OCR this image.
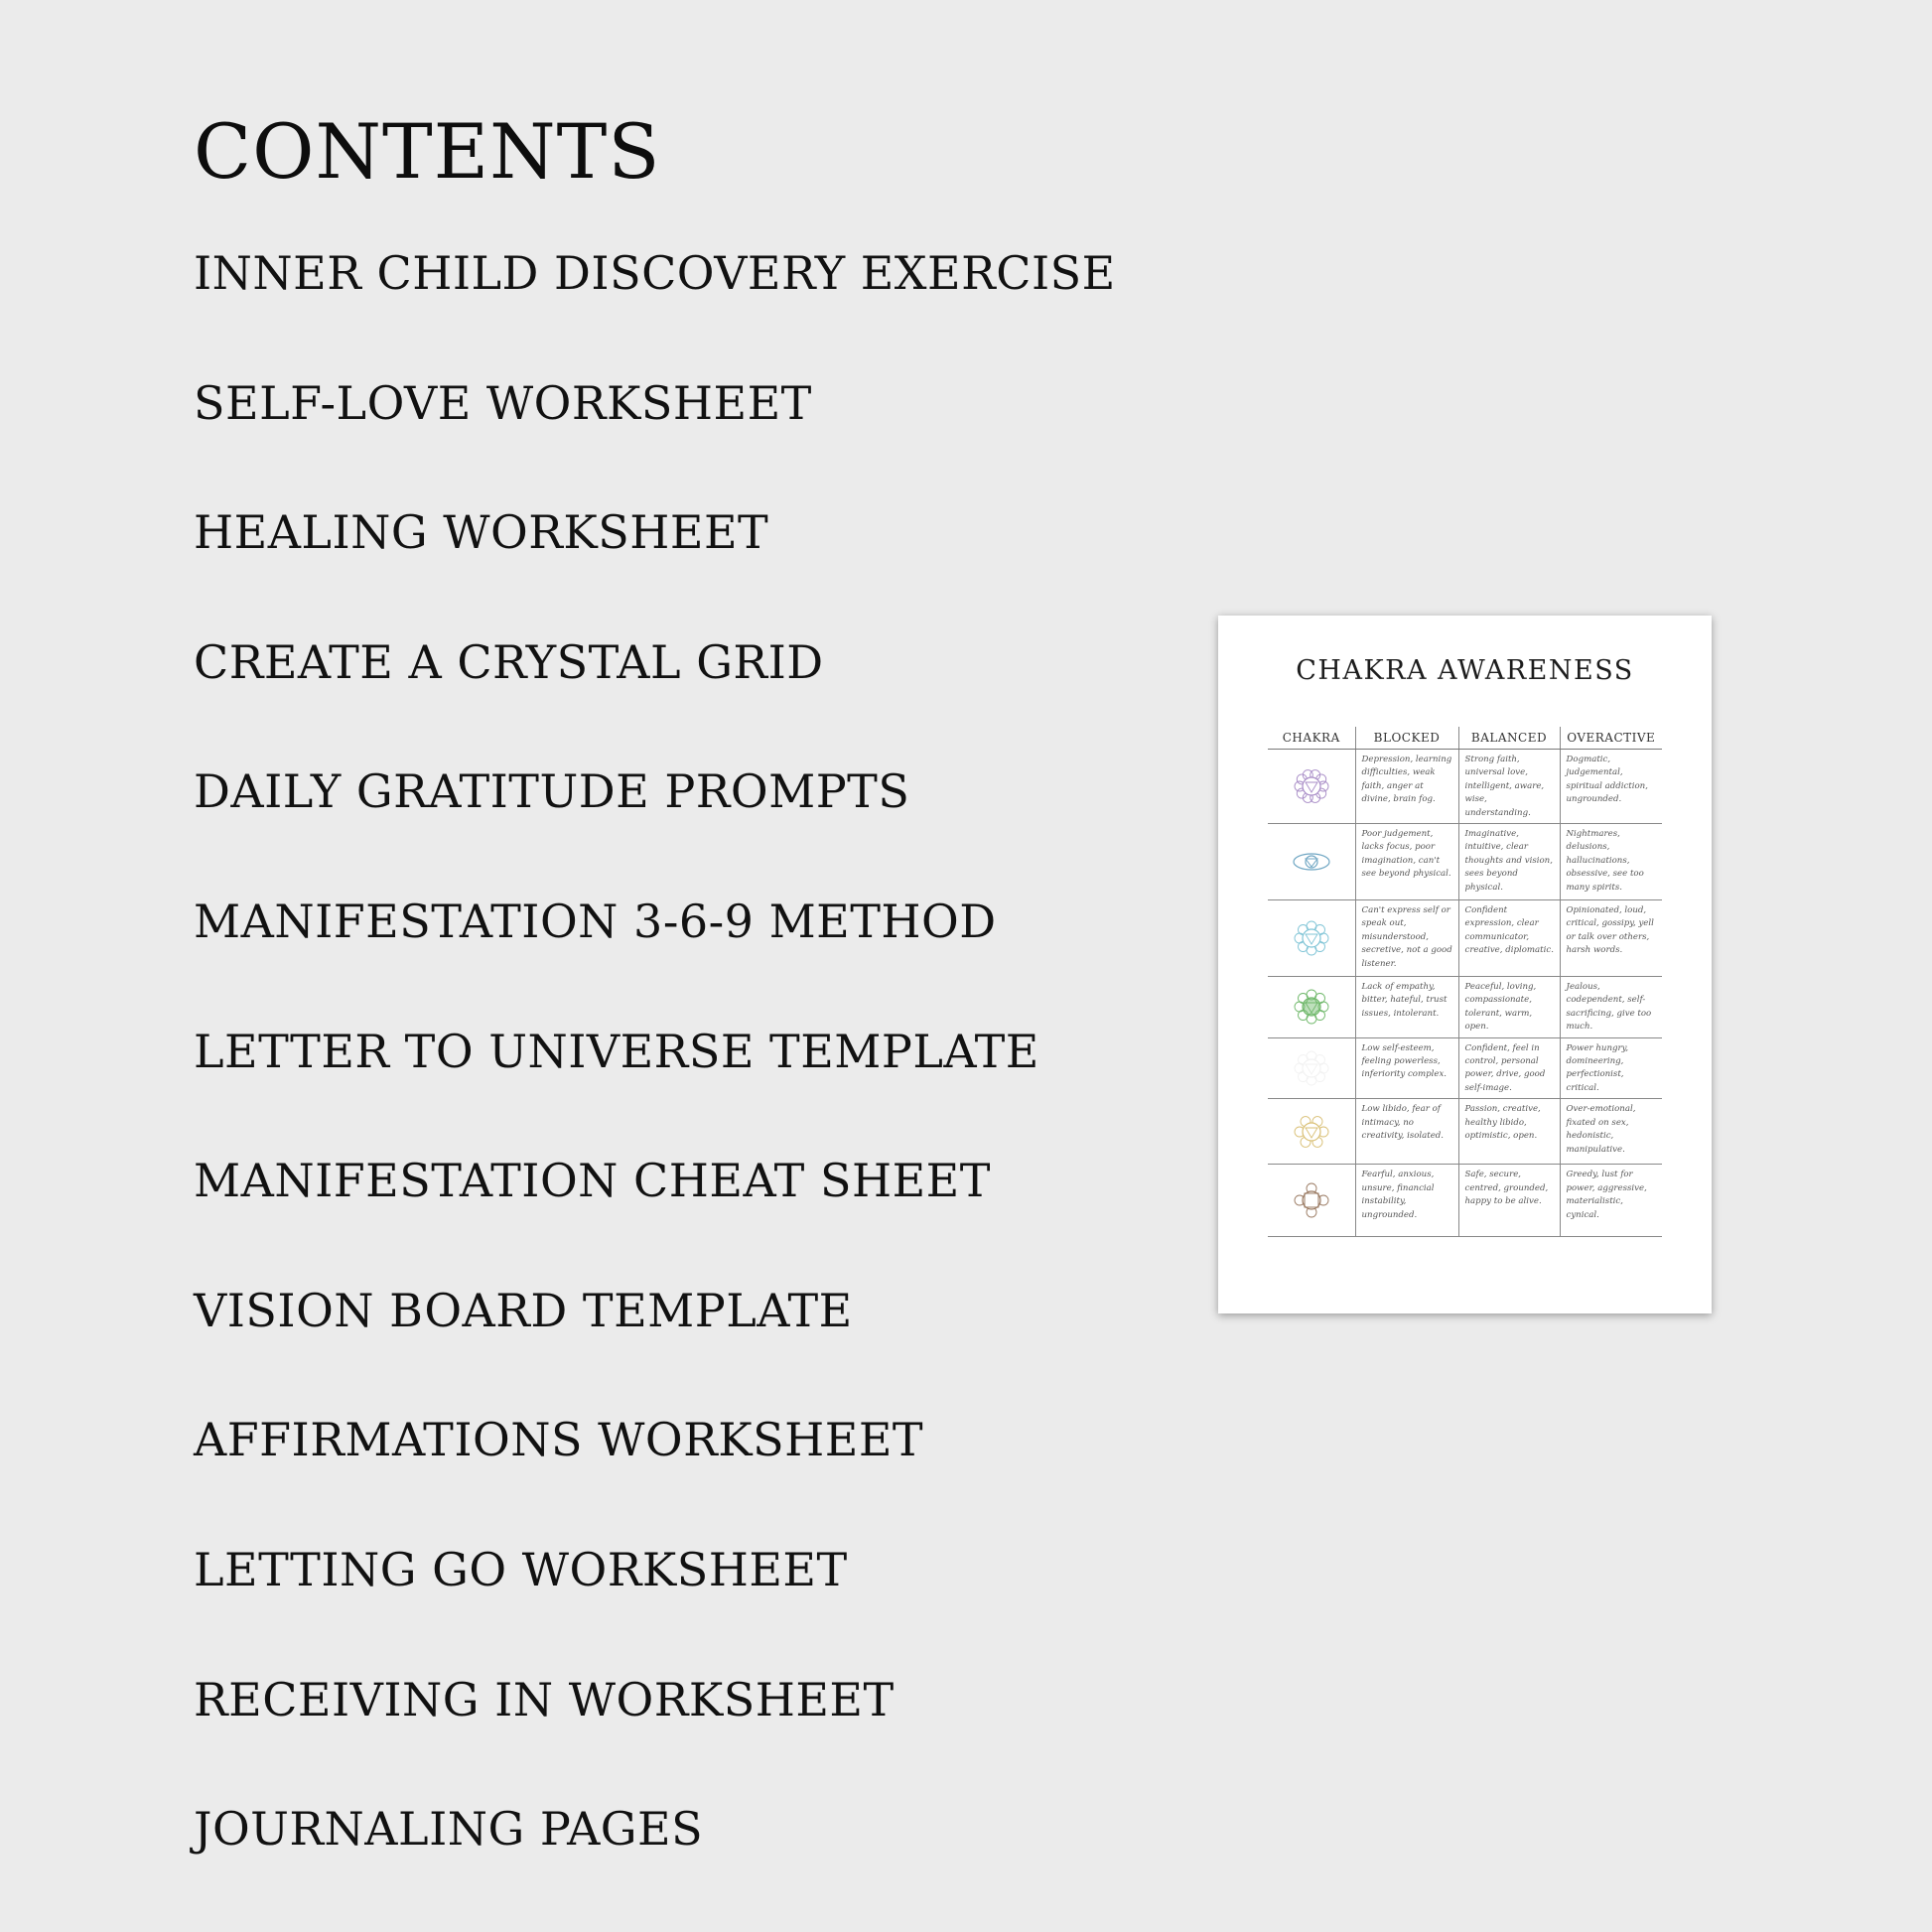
CONTENTS
INNER CHILD DISCOVERY EXERCISE
SELF-LOVE WORKSHEET
HEALING WORKSHEET
CREATE A CRYSTAL GRID
DAILY GRATITUDE PROMPTS
MANIFESTATION 3-6-9 METHOD
LETTER TO UNIVERSE TEMPLATE
MANIFESTATION CHEAT SHEET
VISION BOARD TEMPLATE
AFFIRMATIONS WORKSHEET
LETTING GO WORKSHEET
RECEIVING IN WORKSHEET
JOURNALING PAGES
CHAKRA AWARENESS
CHAKRA	BLOCKED	BALANCED	OVERACTIVE

	Depression, learning difficulties, weak faith, anger at divine, brain fog.	Strong faith, universal love, intelligent, aware, wise, understanding.	Dogmatic, judgemental, spiritual addiction, ungrounded.

	Poor judgement, lacks focus, poor imagination, can't see beyond physical.	Imaginative, intuitive, clear thoughts and vision, sees beyond physical.	Nightmares, delusions, hallucinations, obsessive, see too many spirits.

	Can't express self or speak out, misunderstood, secretive, not a good listener.	Confident expression, clear communicator, creative, diplomatic.	Opinionated, loud, critical, gossipy, yell or talk over others, harsh words.

	Lack of empathy, bitter, hateful, trust issues, intolerant.	Peaceful, loving, compassionate, tolerant, warm, open.	Jealous, codependent, self-sacrificing, give too much.

	Low self-esteem, feeling powerless, inferiority complex.	Confident, feel in control, personal power, drive, good self-image.	Power hungry, domineering, perfectionist, critical.

	Low libido, fear of intimacy, no creativity, isolated.	Passion, creative, healthy libido, optimistic, open.	Over-emotional, fixated on sex, hedonistic, manipulative.

	Fearful, anxious, unsure, financial instability, ungrounded.	Safe, secure, centred, grounded, happy to be alive.	Greedy, lust for power, aggressive, materialistic, cynical.
